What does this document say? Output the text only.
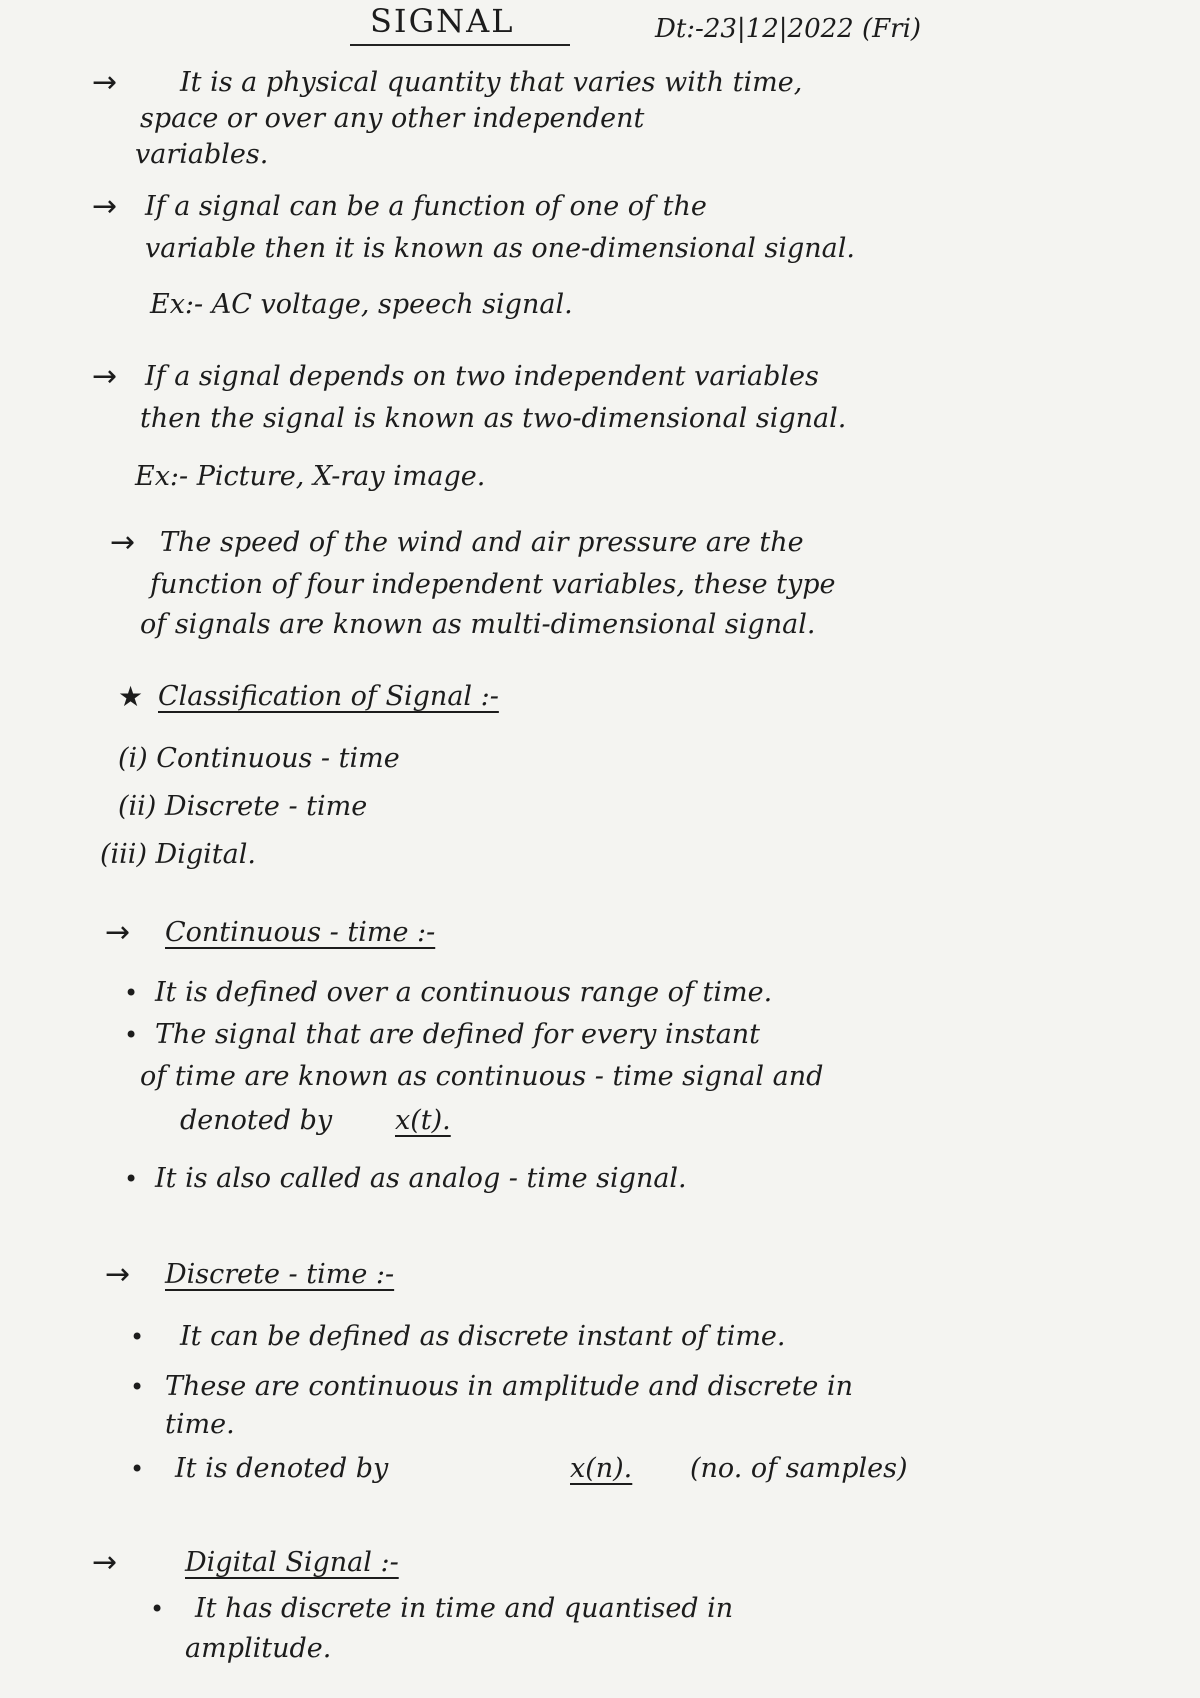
SIGNAL	Dt:-23|12|2022 (Fri)
→ It is a physical quantity that varies with time,
space or over any other independent
variables.
→ If a signal can be a function of one of the
variable then it is known as one-dimensional signal.
Ex:- AC voltage, speech signal.
→ If a signal depends on two independent variables
then the signal is known as two-dimensional signal.
Ex:- Picture, X-ray image.
→ The speed of the wind and air pressure are the
function of four independent variables, these type
of signals are known as multi-dimensional signal.
★ Classification of Signal :-
(i) Continuous - time
(ii) Discrete - time
(iii) Digital.
→ Continuous - time :-
• It is defined over a continuous range of time.
• The signal that are defined for every instant
of time are known as continuous - time signal and
denoted by x(t).
• It is also called as analog - time signal.
→ Discrete - time :-
• It can be defined as discrete instant of time.
• These are continuous in amplitude and discrete in
time.
• It is denoted by	x(n). (no. of samples)
→	Digital Signal :-
• It has discrete in time and quantised in
amplitude.
